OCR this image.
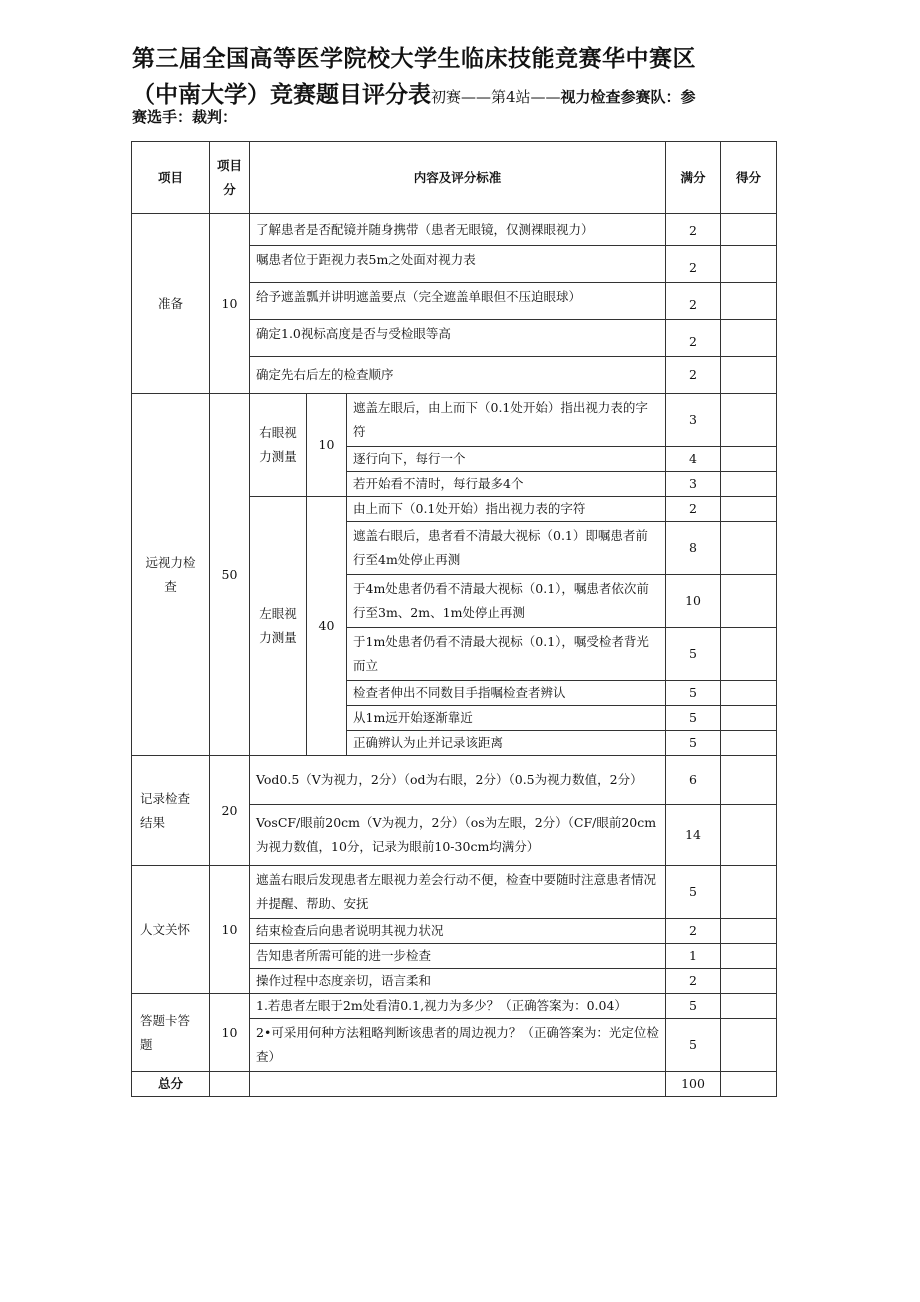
第三届全国高等医学院校大学生临床技能竞赛华中赛区
（中南大学）竞赛题目评分表初赛——第4站——视力检查参赛队：参
赛选手：裁判：
项目	项目分	内容及评分标准			满分	得分
准备	10	了解患者是否配镜并随身携带（患者无眼镜，仅测裸眼视力）			2	
		嘱患者位于距视力表5m之处面对视力表			2	
		给予遮盖瓢并讲明遮盖要点（完全遮盖单眼但不压迫眼球）			2	
		确定1.0视标高度是否与受检眼等高			2	
		确定先右后左的检查顺序			2	
远视力检查	50	右眼视力测量	10	遮盖左眼后，由上而下（0.1处开始）指出视力表的字符	3	
				逐行向下，每行一个	4	
				若开始看不清时，每行最多4个	3	
		左眼视力测量	40	由上而下（0.1处开始）指出视力表的字符	2	
				遮盖右眼后，患者看不清最大视标（0.1）即嘱患者前行至4m处停止再测	8	
				于4m处患者仍看不清最大视标（0.1），嘱患者依次前行至3m、2m、1m处停止再测	10	
				于1m处患者仍看不清最大视标（0.1），嘱受检者背光而立	5	
				检查者伸出不同数目手指嘱检查者辨认	5	
				从1m远开始逐渐靠近	5	
				正确辨认为止并记录该距离	5	
记录检查结果	20	Vod0.5（V为视力，2分）（od为右眼，2分）（0.5为视力数值，2分）			6	
		VosCF/眼前20cm（V为视力，2分）（os为左眼，2分）（CF/眼前20cm为视力数值，10分，记录为眼前10-30cm均满分）			14	
人文关怀	10	遮盖右眼后发现患者左眼视力差会行动不便，检查中要随时注意患者情况并提醒、帮助、安抚			5	
		结束检查后向患者说明其视力状况			2	
		告知患者所需可能的进一步检查			1	
		操作过程中态度亲切，语言柔和			2	
答题卡答题	10	1.若患者左眼于2m处看清0.1,视力为多少？（正确答案为：0.04）			5	
		2•可采用何种方法粗略判断该患者的周边视力？（正确答案为：光定位检查）			5	
总分					100	
